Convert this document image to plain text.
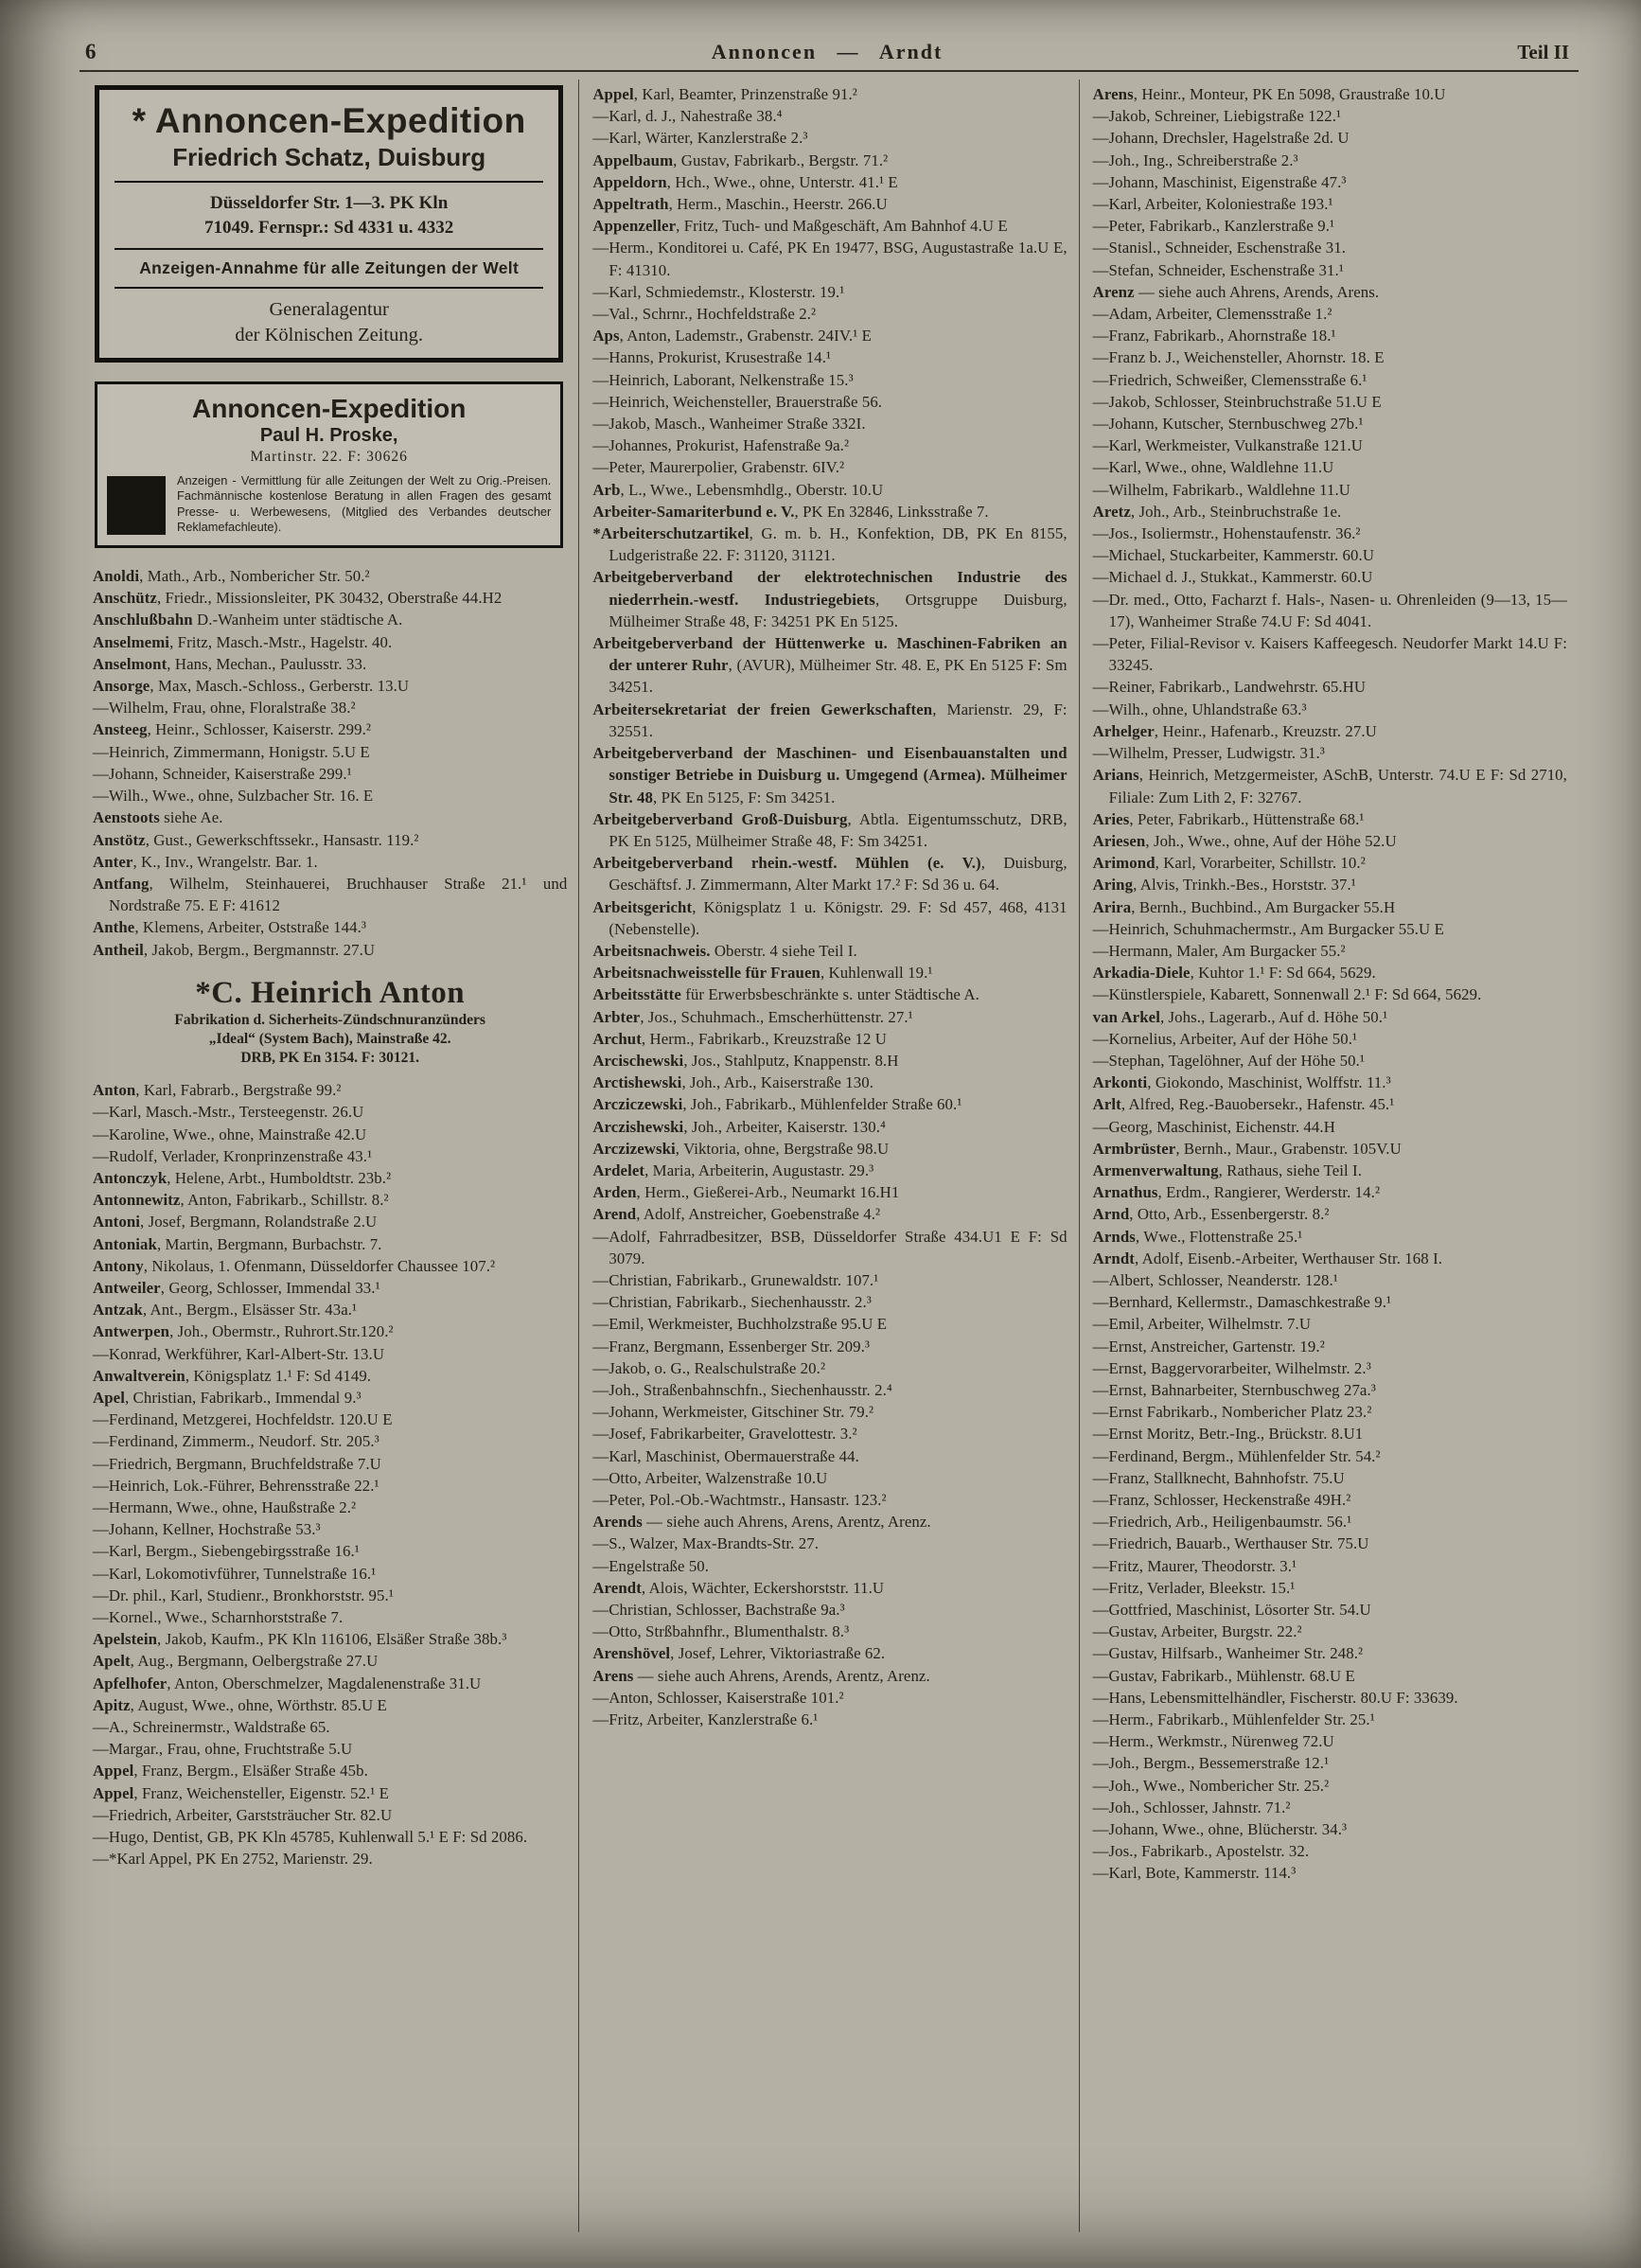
6	Annoncen — Arndt	Teil II
* Annoncen-Expedition
Friedrich Schatz, Duisburg
Düsseldorfer Str. 1—3. PK Kln
71049. Fernspr.: Sd 4331 u. 4332
Anzeigen-Annahme für alle Zeitungen der Welt
Generalagentur
der Kölnischen Zeitung.
Annoncen-Expedition
Paul H. Proske,
Martinstr. 22. F: 30626
Anzeigen - Vermittlung für alle Zeitungen der Welt zu Orig.-Preisen. Fachmännische kostenlose Beratung in allen Fragen des gesamt Presse- u. Werbewesens, (Mitglied des Verbandes deutscher Reklamefachleute).

Anoldi, Math., Arb., Nombericher Str. 50.²

Anschütz, Friedr., Missionsleiter, PK 30432, Oberstraße 44.H2

Anschlußbahn D.-Wanheim unter städtische A.

Anselmemi, Fritz, Masch.-Mstr., Hagelstr. 40.

Anselmont, Hans, Mechan., Paulusstr. 33.

Ansorge, Max, Masch.-Schloss., Gerberstr. 13.U

—Wilhelm, Frau, ohne, Floralstraße 38.²

Ansteeg, Heinr., Schlosser, Kaiserstr. 299.²

—Heinrich, Zimmermann, Honigstr. 5.U E

—Johann, Schneider, Kaiserstraße 299.¹

—Wilh., Wwe., ohne, Sulzbacher Str. 16. E

Aenstoots siehe Ae.

Anstötz, Gust., Gewerkschftssekr., Hansastr. 119.²

Anter, K., Inv., Wrangelstr. Bar. 1.

Antfang, Wilhelm, Steinhauerei, Bruchhauser Straße 21.¹ und Nordstraße 75. E F: 41612

Anthe, Klemens, Arbeiter, Oststraße 144.³

Antheil, Jakob, Bergm., Bergmannstr. 27.U

*C. Heinrich Anton
Fabrikation d. Sicherheits-Zündschnuranzünders
„Ideal“ (System Bach), Mainstraße 42.
DRB, PK En 3154. F: 30121.

Anton, Karl, Fabrarb., Bergstraße 99.²

—Karl, Masch.-Mstr., Tersteegenstr. 26.U

—Karoline, Wwe., ohne, Mainstraße 42.U

—Rudolf, Verlader, Kronprinzenstraße 43.¹

Antonczyk, Helene, Arbt., Humboldtstr. 23b.²

Antonnewitz, Anton, Fabrikarb., Schillstr. 8.²

Antoni, Josef, Bergmann, Rolandstraße 2.U

Antoniak, Martin, Bergmann, Burbachstr. 7.

Antony, Nikolaus, 1. Ofenmann, Düsseldorfer Chaussee 107.²

Antweiler, Georg, Schlosser, Immendal 33.¹

Antzak, Ant., Bergm., Elsässer Str. 43a.¹

Antwerpen, Joh., Obermstr., Ruhrort.Str.120.²

—Konrad, Werkführer, Karl-Albert-Str. 13.U

Anwaltverein, Königsplatz 1.¹ F: Sd 4149.

Apel, Christian, Fabrikarb., Immendal 9.³

—Ferdinand, Metzgerei, Hochfeldstr. 120.U E

—Ferdinand, Zimmerm., Neudorf. Str. 205.³

—Friedrich, Bergmann, Bruchfeldstraße 7.U

—Heinrich, Lok.-Führer, Behrensstraße 22.¹

—Hermann, Wwe., ohne, Haußstraße 2.²

—Johann, Kellner, Hochstraße 53.³

—Karl, Bergm., Siebengebirgsstraße 16.¹

—Karl, Lokomotivführer, Tunnelstraße 16.¹

—Dr. phil., Karl, Studienr., Bronkhorststr. 95.¹

—Kornel., Wwe., Scharnhorststraße 7.

Apelstein, Jakob, Kaufm., PK Kln 116106, Elsäßer Straße 38b.³

Apelt, Aug., Bergmann, Oelbergstraße 27.U

Apfelhofer, Anton, Oberschmelzer, Magdalenenstraße 31.U

Apitz, August, Wwe., ohne, Wörthstr. 85.U E

—A., Schreinermstr., Waldstraße 65.

—Margar., Frau, ohne, Fruchtstraße 5.U

Appel, Franz, Bergm., Elsäßer Straße 45b.

Appel, Franz, Weichensteller, Eigenstr. 52.¹ E

—Friedrich, Arbeiter, Garststräucher Str. 82.U

—Hugo, Dentist, GB, PK Kln 45785, Kuhlenwall 5.¹ E F: Sd 2086.

—*Karl Appel, PK En 2752, Marienstr. 29.

Appel, Karl, Beamter, Prinzenstraße 91.²

—Karl, d. J., Nahestraße 38.⁴

—Karl, Wärter, Kanzlerstraße 2.³

Appelbaum, Gustav, Fabrikarb., Bergstr. 71.²

Appeldorn, Hch., Wwe., ohne, Unterstr. 41.¹ E

Appeltrath, Herm., Maschin., Heerstr. 266.U

Appenzeller, Fritz, Tuch- und Maßgeschäft, Am Bahnhof 4.U E

—Herm., Konditorei u. Café, PK En 19477, BSG, Augustastraße 1a.U E, F: 41310.

—Karl, Schmiedemstr., Klosterstr. 19.¹

—Val., Schrnr., Hochfeldstraße 2.²

Aps, Anton, Lademstr., Grabenstr. 24IV.¹ E

—Hanns, Prokurist, Krusestraße 14.¹

—Heinrich, Laborant, Nelkenstraße 15.³

—Heinrich, Weichensteller, Brauerstraße 56.

—Jakob, Masch., Wanheimer Straße 332I.

—Johannes, Prokurist, Hafenstraße 9a.²

—Peter, Maurerpolier, Grabenstr. 6IV.²

Arb, L., Wwe., Lebensmhdlg., Oberstr. 10.U

Arbeiter-Samariterbund e. V., PK En 32846, Linksstraße 7.

*Arbeiterschutzartikel, G. m. b. H., Konfektion, DB, PK En 8155, Ludgeristraße 22. F: 31120, 31121.

Arbeitgeberverband der elektrotechnischen Industrie des niederrhein.-westf. Industriegebiets, Ortsgruppe Duisburg, Mülheimer Straße 48, F: 34251 PK En 5125.

Arbeitgeberverband der Hüttenwerke u. Maschinen-Fabriken an der unterer Ruhr, (AVUR), Mülheimer Str. 48. E, PK En 5125 F: Sm 34251.

Arbeitersekretariat der freien Gewerkschaften, Marienstr. 29, F: 32551.

Arbeitgeberverband der Maschinen- und Eisenbauanstalten und sonstiger Betriebe in Duisburg u. Umgegend (Armea). Mülheimer Str. 48, PK En 5125, F: Sm 34251.

Arbeitgeberverband Groß-Duisburg, Abtla. Eigentumsschutz, DRB, PK En 5125, Mülheimer Straße 48, F: Sm 34251.

Arbeitgeberverband rhein.-westf. Mühlen (e. V.), Duisburg, Geschäftsf. J. Zimmermann, Alter Markt 17.² F: Sd 36 u. 64.

Arbeitsgericht, Königsplatz 1 u. Königstr. 29. F: Sd 457, 468, 4131 (Nebenstelle).

Arbeitsnachweis. Oberstr. 4 siehe Teil I.

Arbeitsnachweisstelle für Frauen, Kuhlenwall 19.¹

Arbeitsstätte für Erwerbsbeschränkte s. unter Städtische A.

Arbter, Jos., Schuhmach., Emscherhüttenstr. 27.¹

Archut, Herm., Fabrikarb., Kreuzstraße 12 U

Arcischewski, Jos., Stahlputz, Knappenstr. 8.H

Arctishewski, Joh., Arb., Kaiserstraße 130.

Arcziczewski, Joh., Fabrikarb., Mühlenfelder Straße 60.¹

Arczishewski, Joh., Arbeiter, Kaiserstr. 130.⁴

Arczizewski, Viktoria, ohne, Bergstraße 98.U

Ardelet, Maria, Arbeiterin, Augustastr. 29.³

Arden, Herm., Gießerei-Arb., Neumarkt 16.H1

Arend, Adolf, Anstreicher, Goebenstraße 4.²

—Adolf, Fahrradbesitzer, BSB, Düsseldorfer Straße 434.U1 E F: Sd 3079.

—Christian, Fabrikarb., Grunewaldstr. 107.¹

—Christian, Fabrikarb., Siechenhausstr. 2.³

—Emil, Werkmeister, Buchholzstraße 95.U E

—Franz, Bergmann, Essenberger Str. 209.³

—Jakob, o. G., Realschulstraße 20.²

—Joh., Straßenbahnschfn., Siechenhausstr. 2.⁴

—Johann, Werkmeister, Gitschiner Str. 79.²

—Josef, Fabrikarbeiter, Gravelottestr. 3.²

—Karl, Maschinist, Obermauerstraße 44.

—Otto, Arbeiter, Walzenstraße 10.U

—Peter, Pol.-Ob.-Wachtmstr., Hansastr. 123.²

Arends — siehe auch Ahrens, Arens, Arentz, Arenz.

—S., Walzer, Max-Brandts-Str. 27.

—Engelstraße 50.

Arendt, Alois, Wächter, Eckershorststr. 11.U

—Christian, Schlosser, Bachstraße 9a.³

—Otto, Strßbahnfhr., Blumenthalstr. 8.³

Arenshövel, Josef, Lehrer, Viktoriastraße 62.

Arens — siehe auch Ahrens, Arends, Arentz, Arenz.

—Anton, Schlosser, Kaiserstraße 101.²

—Fritz, Arbeiter, Kanzlerstraße 6.¹

Arens, Heinr., Monteur, PK En 5098, Graustraße 10.U

—Jakob, Schreiner, Liebigstraße 122.¹

—Johann, Drechsler, Hagelstraße 2d. U

—Joh., Ing., Schreiberstraße 2.³

—Johann, Maschinist, Eigenstraße 47.³

—Karl, Arbeiter, Koloniestraße 193.¹

—Peter, Fabrikarb., Kanzlerstraße 9.¹

—Stanisl., Schneider, Eschenstraße 31.

—Stefan, Schneider, Eschenstraße 31.¹

Arenz — siehe auch Ahrens, Arends, Arens.

—Adam, Arbeiter, Clemensstraße 1.²

—Franz, Fabrikarb., Ahornstraße 18.¹

—Franz b. J., Weichensteller, Ahornstr. 18. E

—Friedrich, Schweißer, Clemensstraße 6.¹

—Jakob, Schlosser, Steinbruchstraße 51.U E

—Johann, Kutscher, Sternbuschweg 27b.¹

—Karl, Werkmeister, Vulkanstraße 121.U

—Karl, Wwe., ohne, Waldlehne 11.U

—Wilhelm, Fabrikarb., Waldlehne 11.U

Aretz, Joh., Arb., Steinbruchstraße 1e.

—Jos., Isoliermstr., Hohenstaufenstr. 36.²

—Michael, Stuckarbeiter, Kammerstr. 60.U

—Michael d. J., Stukkat., Kammerstr. 60.U

—Dr. med., Otto, Facharzt f. Hals-, Nasen- u. Ohrenleiden (9—13, 15—17), Wanheimer Straße 74.U F: Sd 4041.

—Peter, Filial-Revisor v. Kaisers Kaffeegesch. Neudorfer Markt 14.U F: 33245.

—Reiner, Fabrikarb., Landwehrstr. 65.HU

—Wilh., ohne, Uhlandstraße 63.³

Arhelger, Heinr., Hafenarb., Kreuzstr. 27.U

—Wilhelm, Presser, Ludwigstr. 31.³

Arians, Heinrich, Metzgermeister, ASchB, Unterstr. 74.U E F: Sd 2710, Filiale: Zum Lith 2, F: 32767.

Aries, Peter, Fabrikarb., Hüttenstraße 68.¹

Ariesen, Joh., Wwe., ohne, Auf der Höhe 52.U

Arimond, Karl, Vorarbeiter, Schillstr. 10.²

Aring, Alvis, Trinkh.-Bes., Horststr. 37.¹

Arira, Bernh., Buchbind., Am Burgacker 55.H

—Heinrich, Schuhmachermstr., Am Burgacker 55.U E

—Hermann, Maler, Am Burgacker 55.²

Arkadia-Diele, Kuhtor 1.¹ F: Sd 664, 5629.

—Künstlerspiele, Kabarett, Sonnenwall 2.¹ F: Sd 664, 5629.

van Arkel, Johs., Lagerarb., Auf d. Höhe 50.¹

—Kornelius, Arbeiter, Auf der Höhe 50.¹

—Stephan, Tagelöhner, Auf der Höhe 50.¹

Arkonti, Giokondo, Maschinist, Wolffstr. 11.³

Arlt, Alfred, Reg.-Bauobersekr., Hafenstr. 45.¹

—Georg, Maschinist, Eichenstr. 44.H

Armbrüster, Bernh., Maur., Grabenstr. 105V.U

Armenverwaltung, Rathaus, siehe Teil I.

Arnathus, Erdm., Rangierer, Werderstr. 14.²

Arnd, Otto, Arb., Essenbergerstr. 8.²

Arnds, Wwe., Flottenstraße 25.¹

Arndt, Adolf, Eisenb.-Arbeiter, Werthauser Str. 168 I.

—Albert, Schlosser, Neanderstr. 128.¹

—Bernhard, Kellermstr., Damaschkestraße 9.¹

—Emil, Arbeiter, Wilhelmstr. 7.U

—Ernst, Anstreicher, Gartenstr. 19.²

—Ernst, Baggervorarbeiter, Wilhelmstr. 2.³

—Ernst, Bahnarbeiter, Sternbuschweg 27a.³

—Ernst Fabrikarb., Nombericher Platz 23.²

—Ernst Moritz, Betr.-Ing., Brückstr. 8.U1

—Ferdinand, Bergm., Mühlenfelder Str. 54.²

—Franz, Stallknecht, Bahnhofstr. 75.U

—Franz, Schlosser, Heckenstraße 49H.²

—Friedrich, Arb., Heiligenbaumstr. 56.¹

—Friedrich, Bauarb., Werthauser Str. 75.U

—Fritz, Maurer, Theodorstr. 3.¹

—Fritz, Verlader, Bleekstr. 15.¹

—Gottfried, Maschinist, Lösorter Str. 54.U

—Gustav, Arbeiter, Burgstr. 22.²

—Gustav, Hilfsarb., Wanheimer Str. 248.²

—Gustav, Fabrikarb., Mühlenstr. 68.U E

—Hans, Lebensmittelhändler, Fischerstr. 80.U F: 33639.

—Herm., Fabrikarb., Mühlenfelder Str. 25.¹

—Herm., Werkmstr., Nürenweg 72.U

—Joh., Bergm., Bessemerstraße 12.¹

—Joh., Wwe., Nombericher Str. 25.²

—Joh., Schlosser, Jahnstr. 71.²

—Johann, Wwe., ohne, Blücherstr. 34.³

—Jos., Fabrikarb., Apostelstr. 32.

—Karl, Bote, Kammerstr. 114.³
